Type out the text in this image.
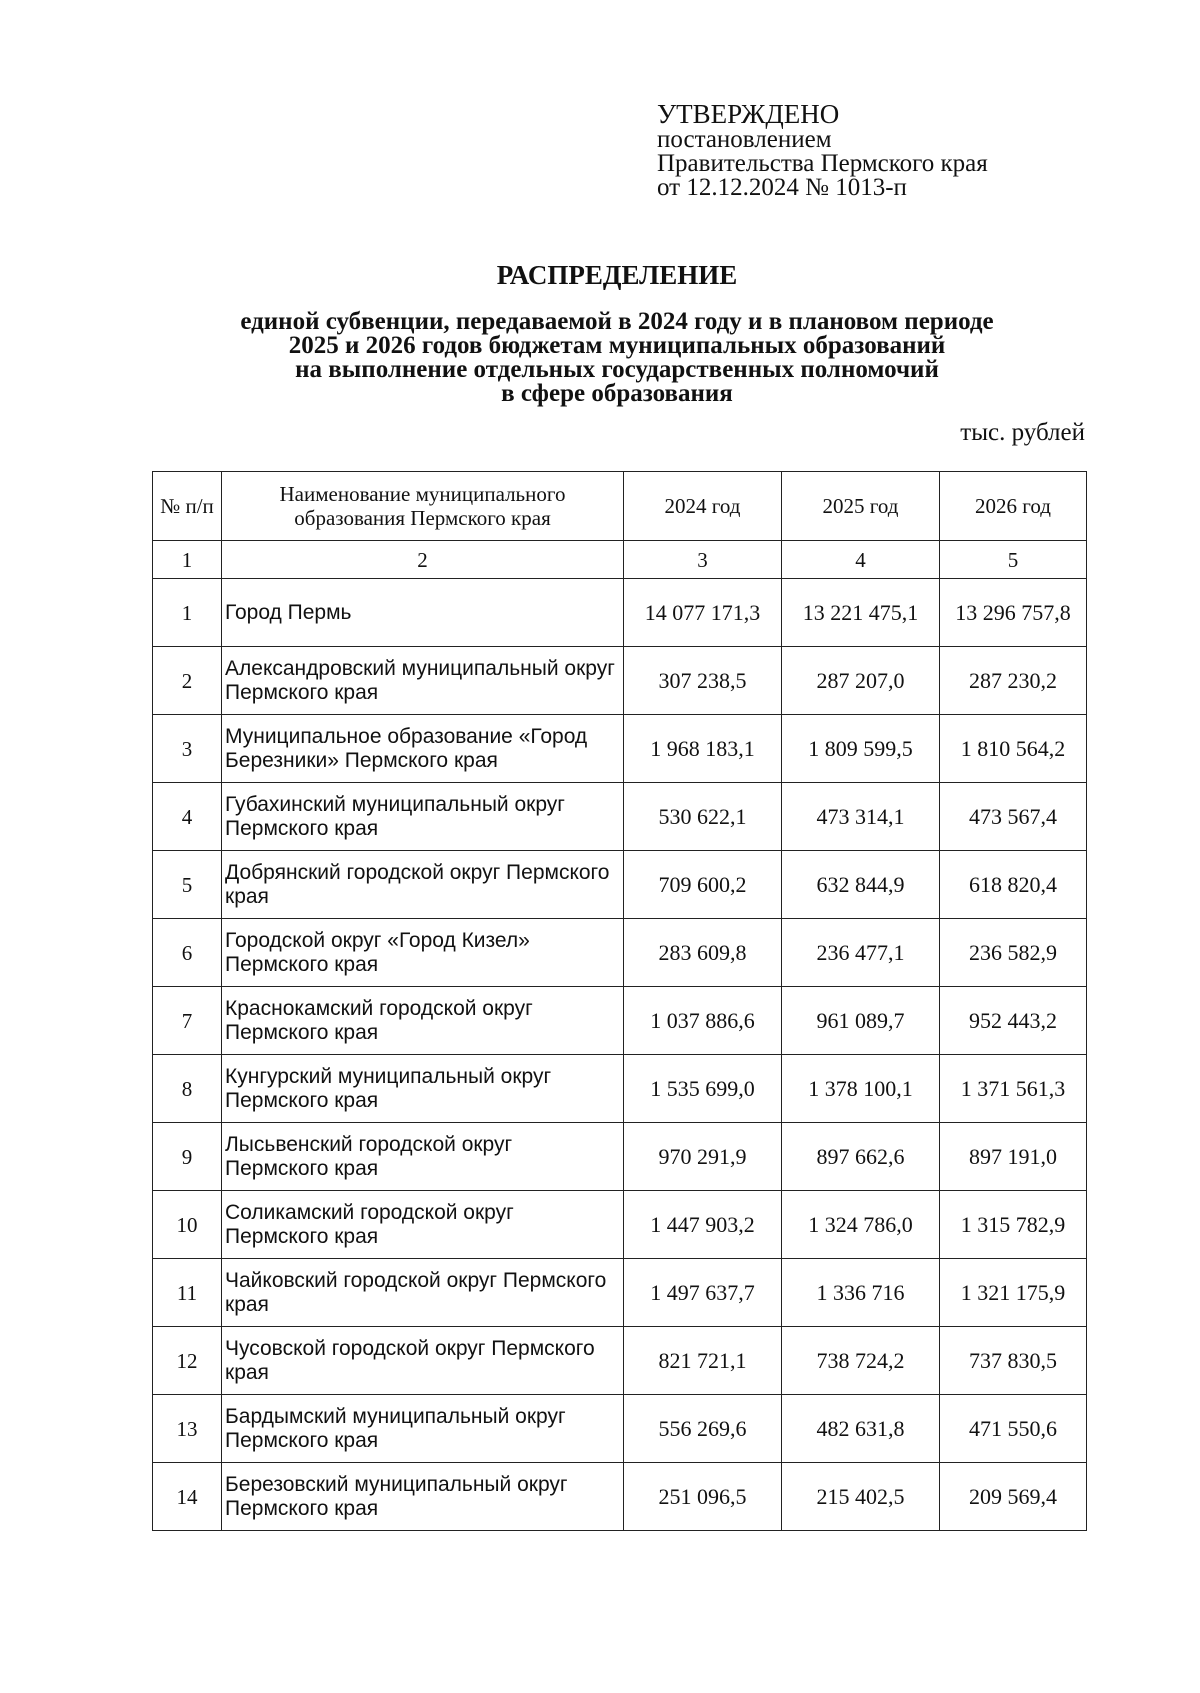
УТВЕРЖДЕНО
постановлением
Правительства Пермского края
от 12.12.2024 № 1013-п
РАСПРЕДЕЛЕНИЕ
единой субвенции, передаваемой в 2024 году и в плановом периоде
2025 и 2026 годов бюджетам муниципальных образований
на выполнение отдельных государственных полномочий
в сфере образования
тыс. рублей
№ п/п	Наименование муниципального образования Пермского края	2024 год	2025 год	2026 год
1	2	3	4	5
1	Город Пермь	14 077 171,3	13 221 475,1	13 296 757,8
2	Александровский муниципальный округ Пермского края	307 238,5	287 207,0	287 230,2
3	Муниципальное образование «Город Березники» Пермского края	1 968 183,1	1 809 599,5	1 810 564,2
4	Губахинский муниципальный округ Пермского края	530 622,1	473 314,1	473 567,4
5	Добрянский городской округ Пермского края	709 600,2	632 844,9	618 820,4
6	Городской округ «Город Кизел» Пермского края	283 609,8	236 477,1	236 582,9
7	Краснокамский городской округ Пермского края	1 037 886,6	961 089,7	952 443,2
8	Кунгурский муниципальный округ Пермского края	1 535 699,0	1 378 100,1	1 371 561,3
9	Лысьвенский городской округ Пермского края	970 291,9	897 662,6	897 191,0
10	Соликамский городской округ Пермского края	1 447 903,2	1 324 786,0	1 315 782,9
11	Чайковский городской округ Пермского края	1 497 637,7	1 336 716	1 321 175,9
12	Чусовской городской округ Пермского края	821 721,1	738 724,2	737 830,5
13	Бардымский муниципальный округ Пермского края	556 269,6	482 631,8	471 550,6
14	Березовский муниципальный округ Пермского края	251 096,5	215 402,5	209 569,4
